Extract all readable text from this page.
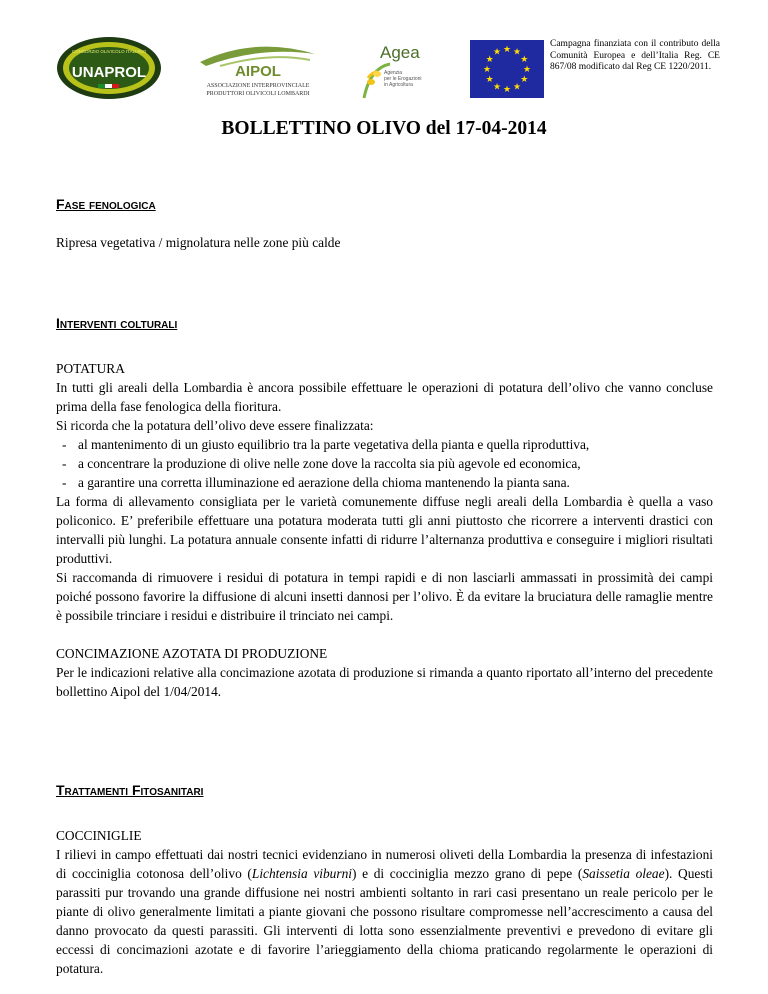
CONSORZIO OLIVICOLO ITALIANO
UNAPROL	AIPOL
ASSOCIAZIONE INTERPROVINCIALE
PRODUTTORI OLIVICOLI LOMBARDI
Agea
Agenzia
per le Erogazioni
in Agricoltura
★ ★
★
★
★
★
★
★
★
★
★
★
Campagna finanziata con il contributo della Comunità Europea e dell’Italia Reg. CE 867/08 modificato dal Reg CE 1220/2011.
BOLLETTINO OLIVO del 17-04-2014
Fase fenologica

Ripresa vegetativa / mignolatura nelle zone più calde

Interventi colturali

POTATURA

In tutti gli areali della Lombardia è ancora possibile effettuare le operazioni di potatura dell’olivo che vanno concluse prima della fase fenologica della fioritura.

Si ricorda che la potatura dell’olivo deve essere finalizzata:

- al mantenimento di un giusto equilibrio tra la parte vegetativa della pianta e quella riproduttiva,
- a concentrare la produzione di olive nelle zone dove la raccolta sia più agevole ed economica,
- a garantire una corretta illuminazione ed aerazione della chioma mantenendo la pianta sana.

La forma di allevamento consigliata per le varietà comunemente diffuse negli areali della Lombardia è quella a vaso policonico. E’ preferibile effettuare una potatura moderata tutti gli anni piuttosto che ricorrere a interventi drastici con intervalli più lunghi. La potatura annuale consente infatti di ridurre l’alternanza produttiva e conseguire i migliori risultati produttivi.

Si raccomanda di rimuovere i residui di potatura in tempi rapidi e di non lasciarli ammassati in prossimità dei campi poiché possono favorire la diffusione di alcuni insetti dannosi per l’olivo. È da evitare la bruciatura delle ramaglie mentre è possibile trinciare i residui e distribuire il trinciato nei campi.

CONCIMAZIONE AZOTATA DI PRODUZIONE

Per le indicazioni relative alla concimazione azotata di produzione si rimanda a quanto riportato all’interno del precedente bollettino Aipol del 1/04/2014.

Trattamenti Fitosanitari

COCCINIGLIE

I rilievi in campo effettuati dai nostri tecnici evidenziano in numerosi oliveti della Lombardia la presenza di infestazioni di cocciniglia cotonosa dell’olivo (Lichtensia viburni) e di cocciniglia mezzo grano di pepe (Saissetia oleae). Questi parassiti pur trovando una grande diffusione nei nostri ambienti soltanto in rari casi presentano un reale pericolo per le piante di olivo generalmente limitati a piante giovani che possono risultare compromesse nell’accrescimento a causa del danno provocato da questi parassiti. Gli interventi di lotta sono essenzialmente preventivi e prevedono di evitare gli eccessi di concimazioni azotate e di favorire l’arieggiamento della chioma praticando regolarmente le operazioni di potatura.
